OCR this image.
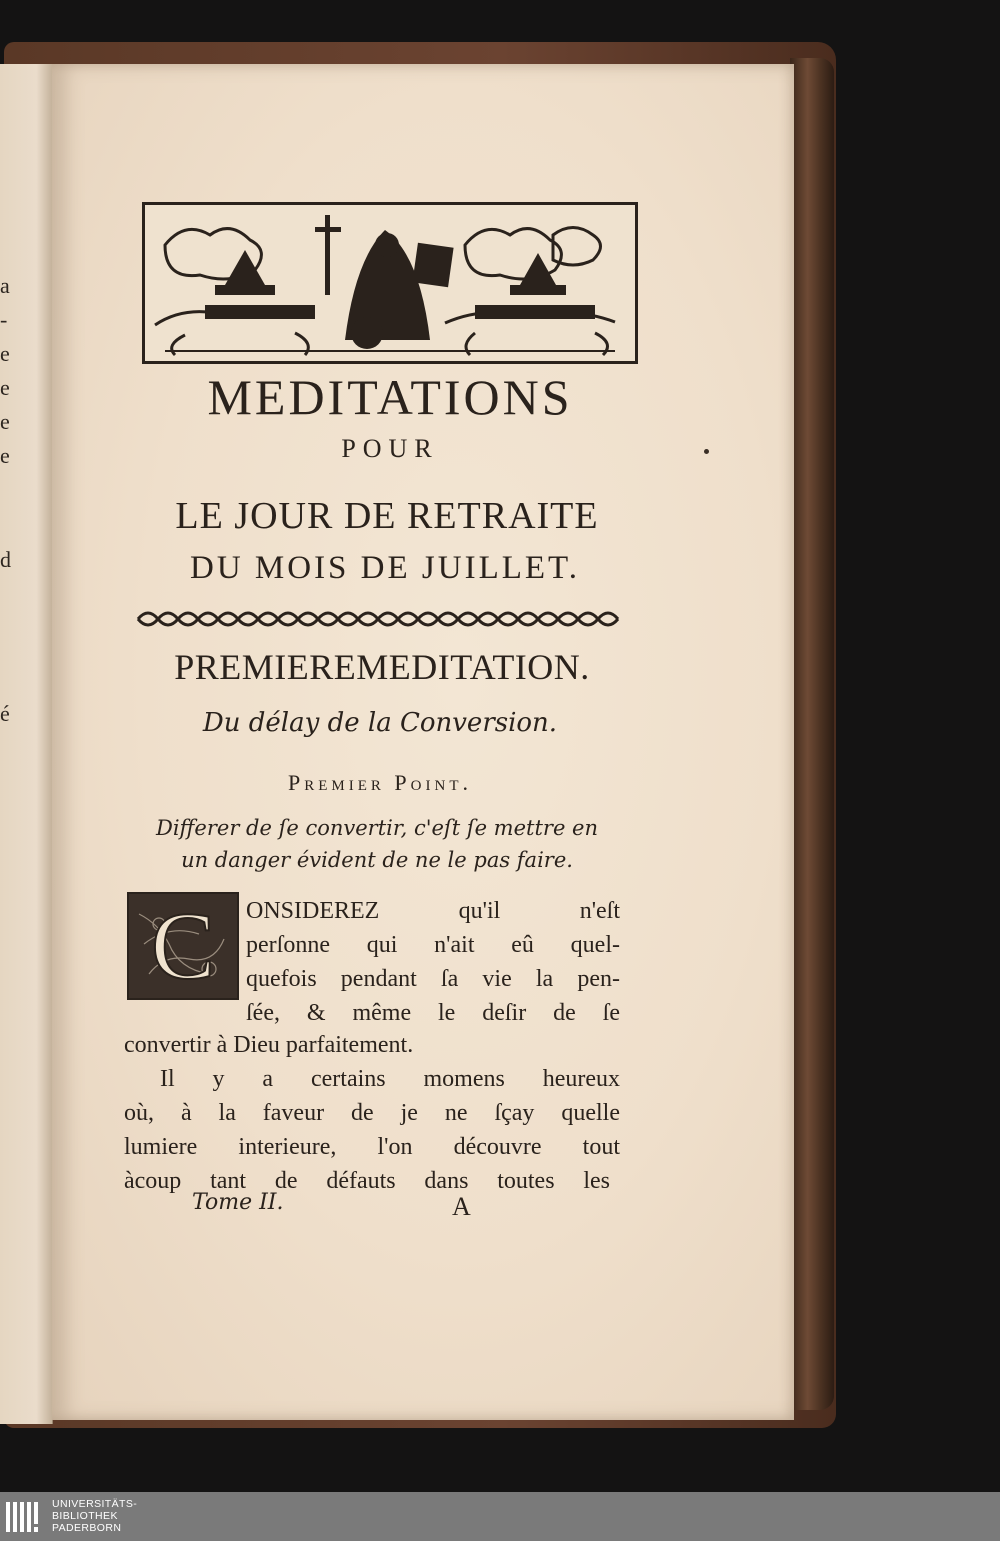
a
-
e
e
e
e
d
é
MEDITATIONS
POUR
LE JOUR DE RETRAITE
DU MOIS DE JUILLET.
PREMIEREMEDITATION.
Du délay de la Conversion.
Premier Point.
Differer de ſe convertir, c'eſt ſe mettre en
un danger évident de ne le pas faire.
C ONSIDEREZ qu'il n'eſt
perſonne qui n'ait eû quel-
quefois pendant ſa vie la pen-
ſée, & même le deſir de ſe
convertir à Dieu parfaitement.
Il y a certains momens heureux
où, à la faveur de je ne ſçay quelle
lumiere interieure, l'on découvre tout
àcoup tant de défauts dans toutes les
Tome II.	A
UNIVERSITÄTS-
BIBLIOTHEK
PADERBORN
